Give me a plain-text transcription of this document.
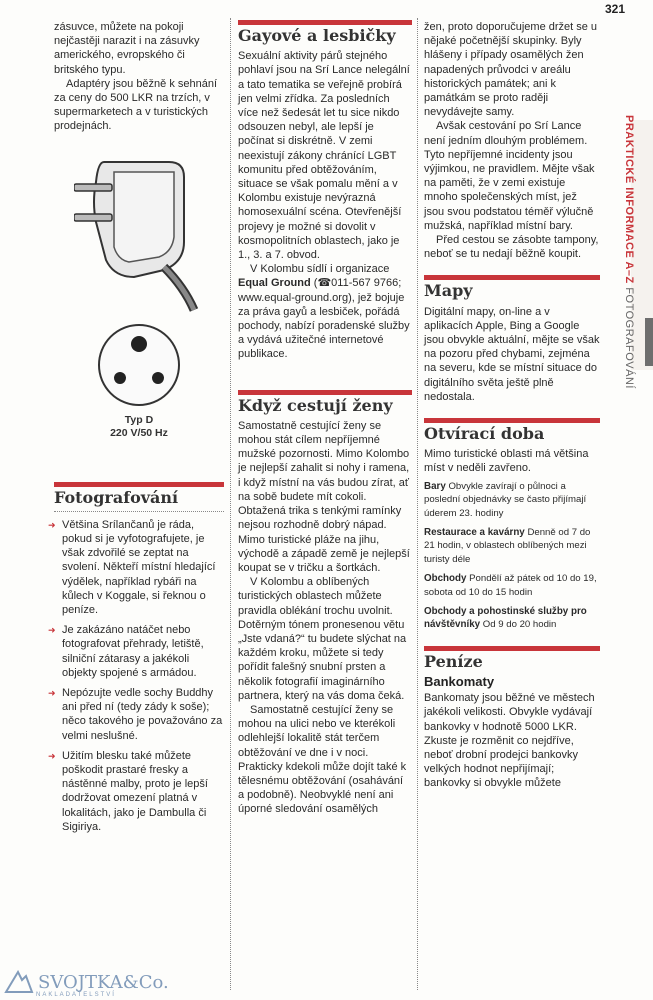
321
PRAKTICKÉ INFORMACE A–Z FOTOGRAFOVÁNÍ

zásuvce, můžete na pokoji nejčastěji narazit i na zásuvky amerického, evropského či britského typu.

Adaptéry jsou běžně k sehnání za ceny do 500 LKR na trzích, v supermarketech a v turistických prodejnách.

Typ D
220 V/50 Hz
Fotografování

➜ Většina Srílančanů je ráda, pokud si je vyfotografujete, je však zdvořilé se zeptat na svolení. Někteří místní hledající výdělek, například rybáři na kůlech v Koggale, si řeknou o peníze.

➜ Je zakázáno natáčet nebo fotografovat přehrady, letiště, silniční zátarasy a jakékoli objekty spojené s armádou.

➜ Nepózujte vedle sochy Buddhy ani před ní (tedy zády k soše); něco takového je považováno za velmi neslušné.

➜ Užitím blesku také můžete poškodit prastaré fresky a nástěnné malby, proto je lepší dodržovat omezení platná v lokalitách, jako je Dambulla či Sigiriya.

Gayové a lesbičky

Sexuální aktivity párů stejného pohlaví jsou na Srí Lance nelegální a tato tematika se veřejně probírá jen velmi zřídka. Za posledních více než šedesát let tu sice nikdo odsouzen nebyl, ale lepší je počínat si diskrétně. V zemi neexistují zákony chránící LGBT komunitu před obtěžováním, situace se však pomalu mění a v Kolombu existuje nevýrazná homosexuální scéna. Otevřenější projevy je možné si dovolit v kosmopolitních oblastech, jako je 1., 3. a 7. obvod.

V Kolombu sídlí i organizace Equal Ground (☎011-567 9766; www.equal-ground.org), jež bojuje za práva gayů a lesbiček, pořádá pochody, nabízí poradenské služby a vydává užitečné internetové publikace.

Když cestují ženy

Samostatně cestující ženy se mohou stát cílem nepříjemné mužské pozornosti. Mimo Kolombo je nejlepší zahalit si nohy i ramena, i když místní na vás budou zírat, ať na sobě budete mít cokoli. Obtažená trika s tenkými ramínky nejsou rozhodně dobrý nápad. Mimo turistické pláže na jihu, východě a západě země je nejlepší koupat se v tričku a šortkách.

V Kolombu a oblíbených turistických oblastech můžete pravidla oblékání trochu uvolnit. Dotěrným tónem pronesenou větu „Jste vdaná?“ tu budete slýchat na každém kroku, můžete si tedy pořídit falešný snubní prsten a několik fotografií imaginárního partnera, který na vás doma čeká.

Samostatně cestující ženy se mohou na ulici nebo ve kterékoli odlehlejší lokalitě stát terčem obtěžování ve dne i v noci. Prakticky kdekoli může dojít také k tělesnému obtěžování (osahávání a podobně). Neobvyklé není ani úporné sledování osamělých

žen, proto doporučujeme držet se u nějaké početnější skupinky. Byly hlášeny i případy osamělých žen napadených průvodci v areálu historických památek; ani k památkám se proto raději nevydávejte samy.

Avšak cestování po Srí Lance není jedním dlouhým problémem. Tyto nepříjemné incidenty jsou výjimkou, ne pravidlem. Mějte však na paměti, že v zemi existuje mnoho společenských míst, jež jsou svou podstatou téměř výlučně mužská, například místní bary.

Před cestou se zásobte tampony, neboť se tu nedají běžně koupit.

Mapy

Digitální mapy, on-line a v aplikacích Apple, Bing a Google jsou obvykle aktuální, mějte se však na pozoru před chybami, zejména na severu, kde se místní situace do digitálního světa ještě plně nedostala.

Otvírací doba

Mimo turistické oblasti má většina míst v neděli zavřeno.

Bary Obvykle zavírají o půlnoci a poslední objednávky se často přijímají úderem 23. hodiny

Restaurace a kavárny Denně od 7 do 21 hodin, v oblastech oblíbených mezi turisty déle

Obchody Pondělí až pátek od 10 do 19, sobota od 10 do 15 hodin

Obchody a pohostinské služby pro návštěvníky Od 9 do 20 hodin

Peníze
Bankomaty

Bankomaty jsou běžné ve městech jakékoli velikosti. Obvykle vydávají bankovky v hodnotě 5000 LKR. Zkuste je rozměnit co nejdříve, neboť drobní prodejci bankovky velkých hodnot nepřijímají; bankovky si obvykle můžete

SVOJTKA&Co.
NAKLADATELSTVÍ
